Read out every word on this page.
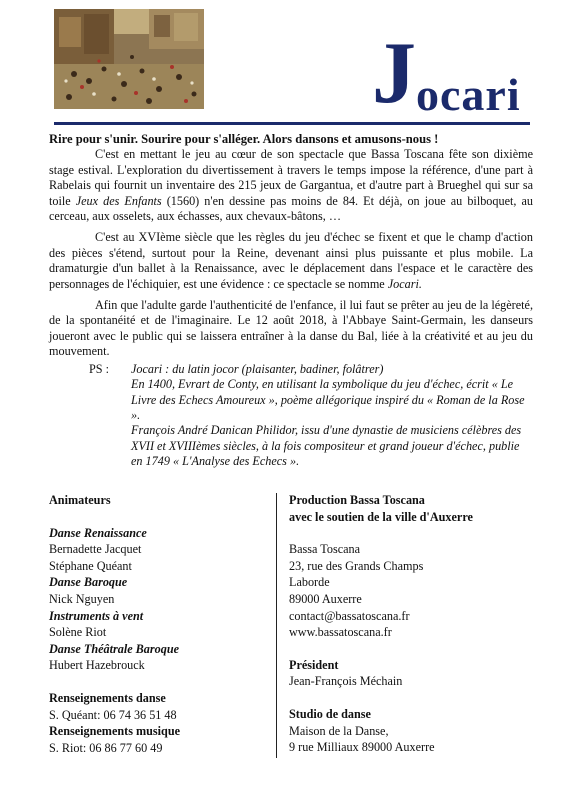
Jocari

Rire pour s'unir. Sourire pour s'alléger. Alors dansons et amusons-nous !

C'est en mettant le jeu au cœur de son spectacle que Bassa Toscana fête son dixième stage estival. L'exploration du divertissement à travers le temps impose la référence, d'une part à Rabelais qui fournit un inventaire des 215 jeux de Gargantua, et d'autre part à Brueghel qui sur sa toile Jeux des Enfants (1560) n'en dessine pas moins de 84. Et déjà, on joue au bilboquet, au cerceau, aux osselets, aux échasses, aux chevaux-bâtons, …

C'est au XVIème siècle que les règles du jeu d'échec se fixent et que le champ d'action des pièces s'étend, surtout pour la Reine, devenant ainsi plus puissante et plus mobile. La dramaturgie d'un ballet à la Renaissance, avec le déplacement dans l'espace et le caractère des personnages de l'échiquier, est une évidence : ce spectacle se nomme Jocari.

Afin que l'adulte garde l'authenticité de l'enfance, il lui faut se prêter au jeu de la légèreté, de la spontanéité et de l'imaginaire. Le 12 août 2018, à l'Abbaye Saint-Germain, les danseurs joueront avec le public qui se laissera entraîner à la danse du Bal, liée à la créativité et au jeu du mouvement.

PS :	Jocari : du latin jocor (plaisanter, badiner, folâtrer)
En 1400, Evrart de Conty, en utilisant la symbolique du jeu d'échec, écrit « Le Livre des Echecs Amoureux », poème allégorique inspiré du « Roman de la Rose ».
François André Danican Philidor, issu d'une dynastie de musiciens célèbres des XVII et XVIIIèmes siècles, à la fois compositeur et grand joueur d'échec, publie en 1749 « L'Analyse des Echecs ».
Animateurs
Danse Renaissance
Bernadette Jacquet
Stéphane Quéant
Danse Baroque
Nick Nguyen
Instruments à vent
Solène Riot
Danse Théâtrale Baroque
Hubert Hazebrouck
Renseignements danse
S. Quéant: 06 74 36 51 48
Renseignements musique
S. Riot: 06 86 77 60 49
Production Bassa Toscana
avec le soutien de la ville d'Auxerre
Bassa Toscana
23, rue des Grands Champs
Laborde
89000 Auxerre
contact@bassatoscana.fr
www.bassatoscana.fr
Président
Jean-François Méchain
Studio de danse
Maison de la Danse,
9 rue Milliaux 89000 Auxerre
